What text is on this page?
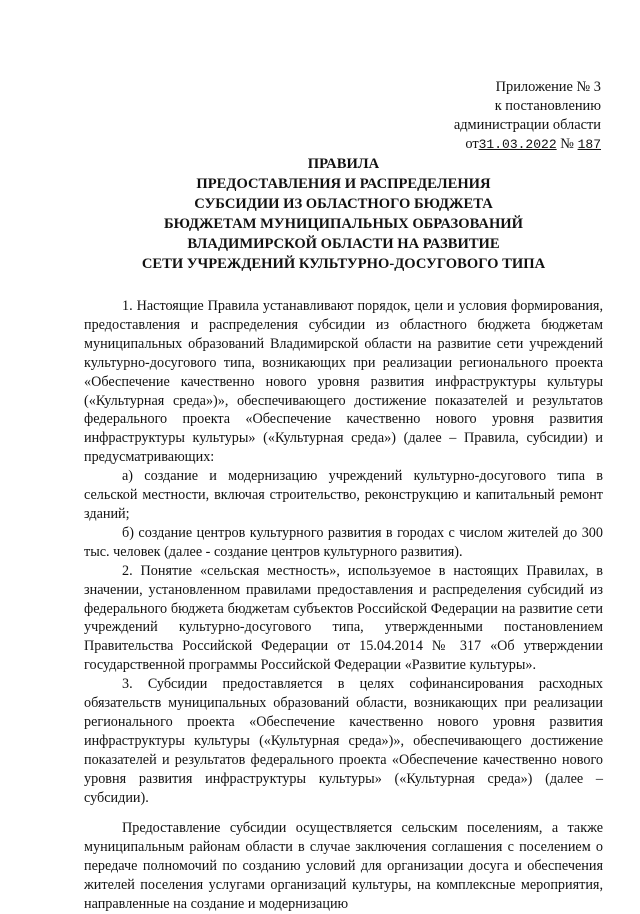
Приложение № 3
к постановлению
администрации области
от31.03.2022 № 187
ПРАВИЛА
ПРЕДОСТАВЛЕНИЯ И РАСПРЕДЕЛЕНИЯ
СУБСИДИИ ИЗ ОБЛАСТНОГО БЮДЖЕТА
БЮДЖЕТАМ МУНИЦИПАЛЬНЫХ ОБРАЗОВАНИЙ
ВЛАДИМИРСКОЙ ОБЛАСТИ НА РАЗВИТИЕ
СЕТИ УЧРЕЖДЕНИЙ КУЛЬТУРНО-ДОСУГОВОГО ТИПА

1. Настоящие Правила устанавливают порядок, цели и условия формирования, предоставления и распределения субсидии из областного бюджета бюджетам муниципальных образований Владимирской области на развитие сети учреждений культурно-досугового типа, возникающих при реализации регионального проекта «Обеспечение качественно нового уровня развития инфраструктуры культуры («Культурная среда»)», обеспечивающего достижение показателей и результатов федерального проекта «Обеспечение качественно нового уровня развития инфраструктуры культуры» («Культурная среда») (далее – Правила, субсидии) и предусматривающих:

а) создание и модернизацию учреждений культурно-досугового типа в сельской местности, включая строительство, реконструкцию и капитальный ремонт зданий;

б) создание центров культурного развития в городах с числом жителей до 300 тыс. человек (далее - создание центров культурного развития).

2. Понятие «сельская местность», используемое в настоящих Правилах, в значении, установленном правилами предоставления и распределения субсидий из федерального бюджета бюджетам субъектов Российской Федерации на развитие сети учреждений культурно-досугового типа, утвержденными постановлением Правительства Российской Федерации от 15.04.2014 № 317 «Об утверждении государственной программы Российской Федерации «Развитие культуры».

3. Субсидии предоставляется в целях софинансирования расходных обязательств муниципальных образований области, возникающих при реализации регионального проекта «Обеспечение качественно нового уровня развития инфраструктуры культуры («Культурная среда»)», обеспечивающего достижение показателей и результатов федерального проекта «Обеспечение качественно нового уровня развития инфраструктуры культуры» («Культурная среда») (далее – субсидии).

Предоставление субсидии осуществляется сельским поселениям, а также муниципальным районам области в случае заключения соглашения с поселением о передаче полномочий по созданию условий для организации досуга и обеспечения жителей поселения услугами организаций культуры, на комплексные мероприятия, направленные на создание и модернизацию
